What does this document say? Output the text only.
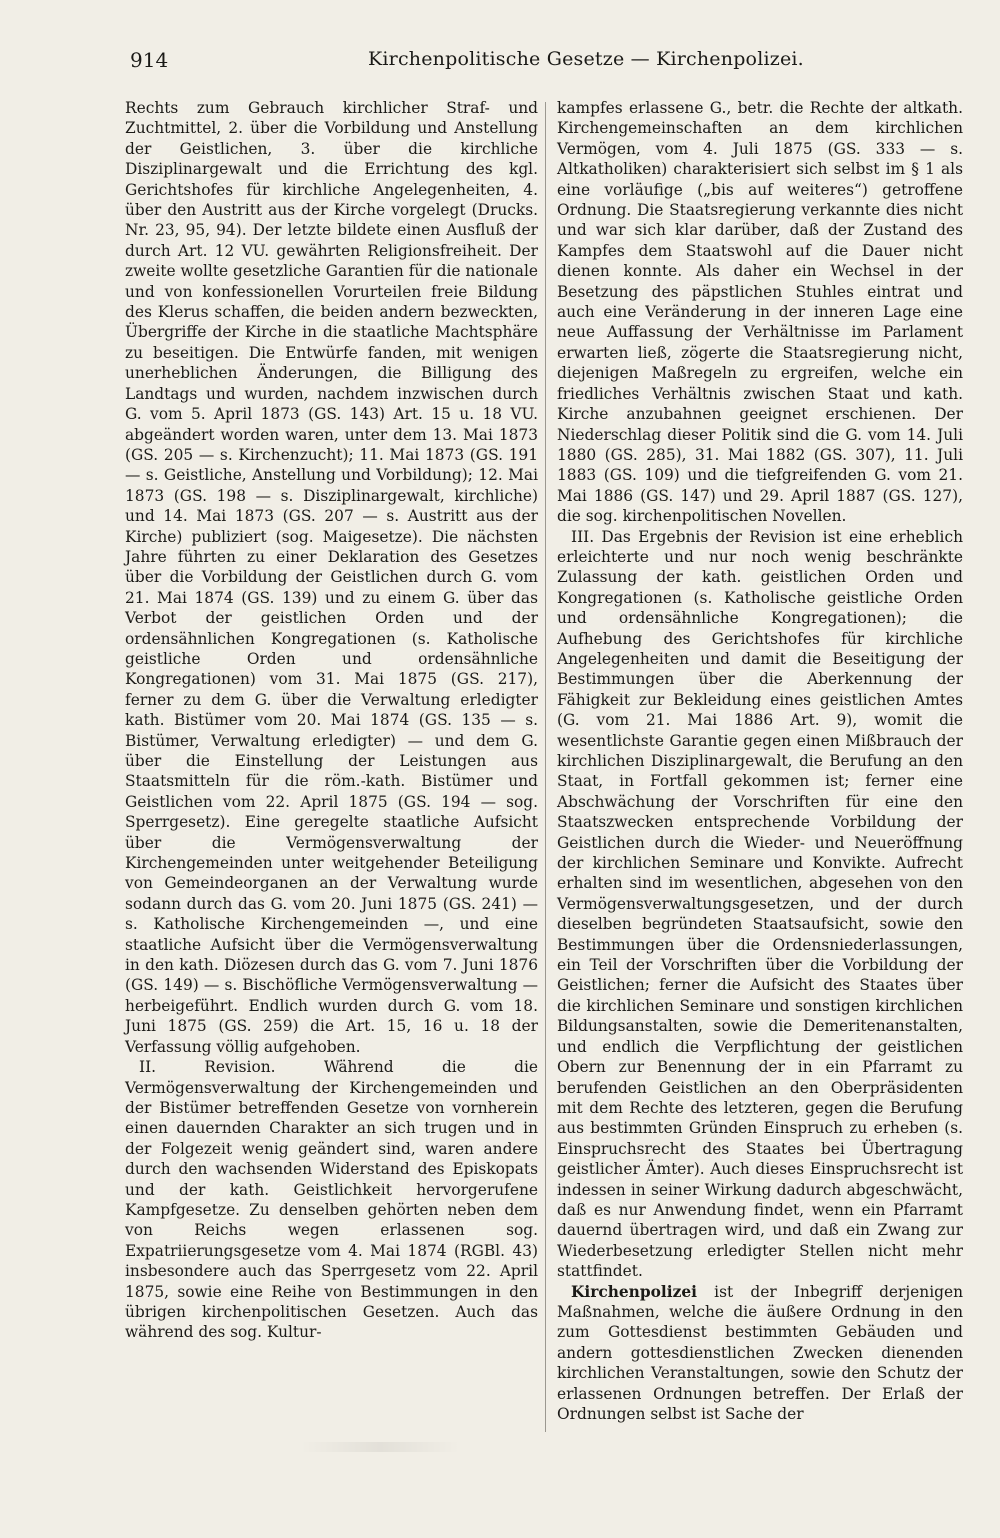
914	Kirchenpolitische Gesetze — Kirchenpolizei.

Rechts zum Gebrauch kirchlicher Straf- und Zuchtmittel, 2. über die Vorbildung und Anstellung der Geistlichen, 3. über die kirchliche Disziplinargewalt und die Errichtung des kgl. Gerichtshofes für kirchliche Angelegenheiten, 4. über den Austritt aus der Kirche vorgelegt (Drucks. Nr. 23, 95, 94). Der letzte bildete einen Ausfluß der durch Art. 12 VU. gewährten Religionsfreiheit. Der zweite wollte gesetzliche Garantien für die nationale und von konfessionellen Vorurteilen freie Bildung des Klerus schaffen, die beiden andern bezweckten, Übergriffe der Kirche in die staatliche Machtsphäre zu beseitigen. Die Entwürfe fanden, mit wenigen unerheblichen Änderungen, die Billigung des Landtags und wurden, nachdem inzwischen durch G. vom 5. April 1873 (GS. 143) Art. 15 u. 18 VU. abgeändert worden waren, unter dem 13. Mai 1873 (GS. 205 — s. Kirchenzucht); 11. Mai 1873 (GS. 191 — s. Geistliche, Anstellung und Vorbildung); 12. Mai 1873 (GS. 198 — s. Disziplinargewalt, kirchliche) und 14. Mai 1873 (GS. 207 — s. Austritt aus der Kirche) publiziert (sog. Maigesetze). Die nächsten Jahre führten zu einer Deklaration des Gesetzes über die Vorbildung der Geistlichen durch G. vom 21. Mai 1874 (GS. 139) und zu einem G. über das Verbot der geistlichen Orden und der ordensähnlichen Kongregationen (s. Katholische geistliche Orden und ordensähnliche Kongregationen) vom 31. Mai 1875 (GS. 217), ferner zu dem G. über die Verwaltung erledigter kath. Bistümer vom 20. Mai 1874 (GS. 135 — s. Bistümer, Verwaltung erledigter) — und dem G. über die Einstellung der Leistungen aus Staatsmitteln für die röm.-kath. Bistümer und Geistlichen vom 22. April 1875 (GS. 194 — sog. Sperrgesetz). Eine geregelte staatliche Aufsicht über die Vermögensverwaltung der Kirchengemeinden unter weitgehender Beteiligung von Gemeindeorganen an der Verwaltung wurde sodann durch das G. vom 20. Juni 1875 (GS. 241) — s. Katholische Kirchengemeinden —, und eine staatliche Aufsicht über die Vermögensverwaltung in den kath. Diözesen durch das G. vom 7. Juni 1876 (GS. 149) — s. Bischöfliche Vermögensverwaltung — herbeigeführt. Endlich wurden durch G. vom 18. Juni 1875 (GS. 259) die Art. 15, 16 u. 18 der Verfassung völlig aufgehoben.

II. Revision. Während die die Vermögensverwaltung der Kirchengemeinden und der Bistümer betreffenden Gesetze von vornherein einen dauernden Charakter an sich trugen und in der Folgezeit wenig geändert sind, waren andere durch den wachsenden Widerstand des Episkopats und der kath. Geistlichkeit hervorgerufene Kampfgesetze. Zu denselben gehörten neben dem von Reichs wegen erlassenen sog. Expatriierungsgesetze vom 4. Mai 1874 (RGBl. 43) insbesondere auch das Sperrgesetz vom 22. April 1875, sowie eine Reihe von Bestimmungen in den übrigen kirchenpolitischen Gesetzen. Auch das während des sog. Kultur-

kampfes erlassene G., betr. die Rechte der altkath. Kirchengemeinschaften an dem kirchlichen Vermögen, vom 4. Juli 1875 (GS. 333 — s. Altkatholiken) charakterisiert sich selbst im § 1 als eine vorläufige („bis auf weiteres“) getroffene Ordnung. Die Staatsregierung verkannte dies nicht und war sich klar darüber, daß der Zustand des Kampfes dem Staatswohl auf die Dauer nicht dienen konnte. Als daher ein Wechsel in der Besetzung des päpstlichen Stuhles eintrat und auch eine Veränderung in der inneren Lage eine neue Auffassung der Verhältnisse im Parlament erwarten ließ, zögerte die Staatsregierung nicht, diejenigen Maßregeln zu ergreifen, welche ein friedliches Verhältnis zwischen Staat und kath. Kirche anzubahnen geeignet erschienen. Der Niederschlag dieser Politik sind die G. vom 14. Juli 1880 (GS. 285), 31. Mai 1882 (GS. 307), 11. Juli 1883 (GS. 109) und die tiefgreifenden G. vom 21. Mai 1886 (GS. 147) und 29. April 1887 (GS. 127), die sog. kirchenpolitischen Novellen.

III. Das Ergebnis der Revision ist eine erheblich erleichterte und nur noch wenig beschränkte Zulassung der kath. geistlichen Orden und Kongregationen (s. Katholische geistliche Orden und ordensähnliche Kongregationen); die Aufhebung des Gerichtshofes für kirchliche Angelegenheiten und damit die Beseitigung der Bestimmungen über die Aberkennung der Fähigkeit zur Bekleidung eines geistlichen Amtes (G. vom 21. Mai 1886 Art. 9), womit die wesentlichste Garantie gegen einen Mißbrauch der kirchlichen Disziplinargewalt, die Berufung an den Staat, in Fortfall gekommen ist; ferner eine Abschwächung der Vorschriften für eine den Staatszwecken entsprechende Vorbildung der Geistlichen durch die Wieder- und Neueröffnung der kirchlichen Seminare und Konvikte. Aufrecht erhalten sind im wesentlichen, abgesehen von den Vermögensverwaltungsgesetzen, und der durch dieselben begründeten Staatsaufsicht, sowie den Bestimmungen über die Ordensniederlassungen, ein Teil der Vorschriften über die Vorbildung der Geistlichen; ferner die Aufsicht des Staates über die kirchlichen Seminare und sonstigen kirchlichen Bildungsanstalten, sowie die Demeritenanstalten, und endlich die Verpflichtung der geistlichen Obern zur Benennung der in ein Pfarramt zu berufenden Geistlichen an den Oberpräsidenten mit dem Rechte des letzteren, gegen die Berufung aus bestimmten Gründen Einspruch zu erheben (s. Einspruchsrecht des Staates bei Übertragung geistlicher Ämter). Auch dieses Einspruchsrecht ist indessen in seiner Wirkung dadurch abgeschwächt, daß es nur Anwendung findet, wenn ein Pfarramt dauernd übertragen wird, und daß ein Zwang zur Wiederbesetzung erledigter Stellen nicht mehr stattfindet.

Kirchenpolizei ist der Inbegriff derjenigen Maßnahmen, welche die äußere Ordnung in den zum Gottesdienst bestimmten Gebäuden und andern gottesdienstlichen Zwecken dienenden kirchlichen Veranstaltungen, sowie den Schutz der erlassenen Ordnungen betreffen. Der Erlaß der Ordnungen selbst ist Sache der
